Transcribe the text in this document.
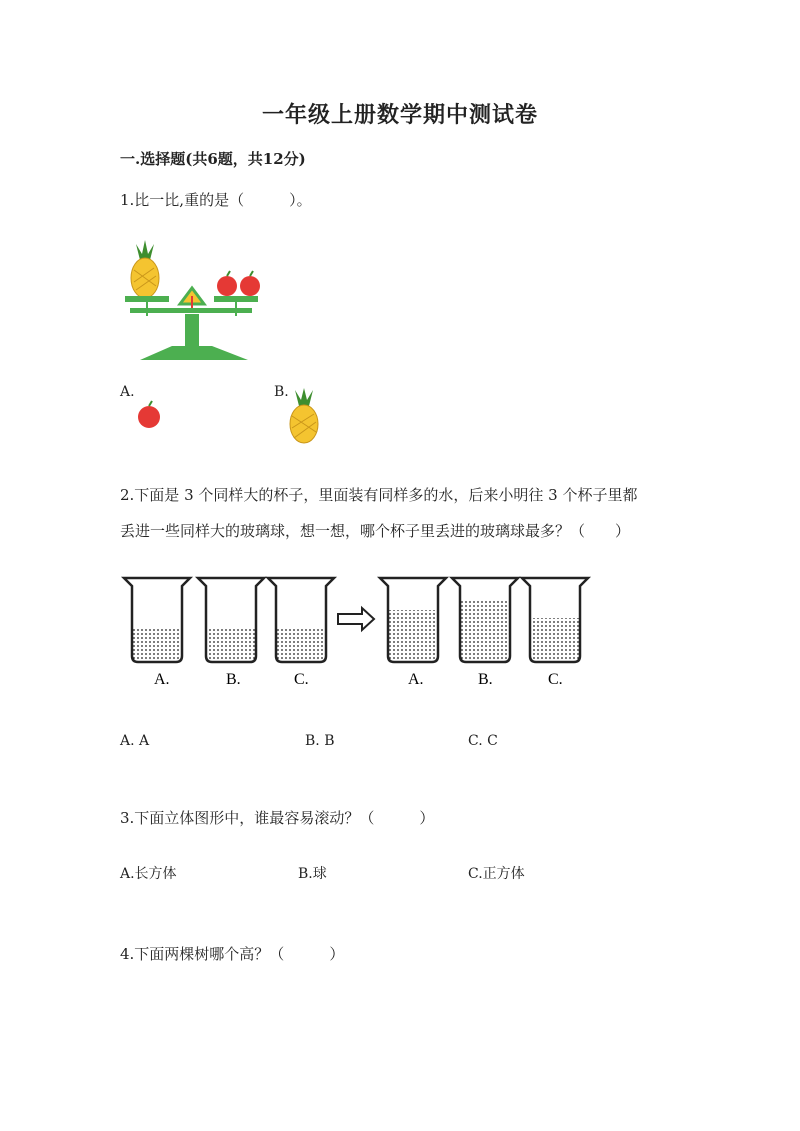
一年级上册数学期中测试卷
一.选择题(共6题，共12分)
1.比一比,重的是（　　　）。
A.	B.
2.下面是 3 个同样大的杯子，里面装有同样多的水，后来小明往 3 个杯子里都
丢进一些同样大的玻璃球，想一想，哪个杯子里丢进的玻璃球最多？（　　）
A.	B.	C.	A.	B.	C.
A. A	B. B	C. C
3.下面立体图形中，谁最容易滚动？（　　　）
A.长方体	B.球	C.正方体
4.下面两棵树哪个高？（　　　）
